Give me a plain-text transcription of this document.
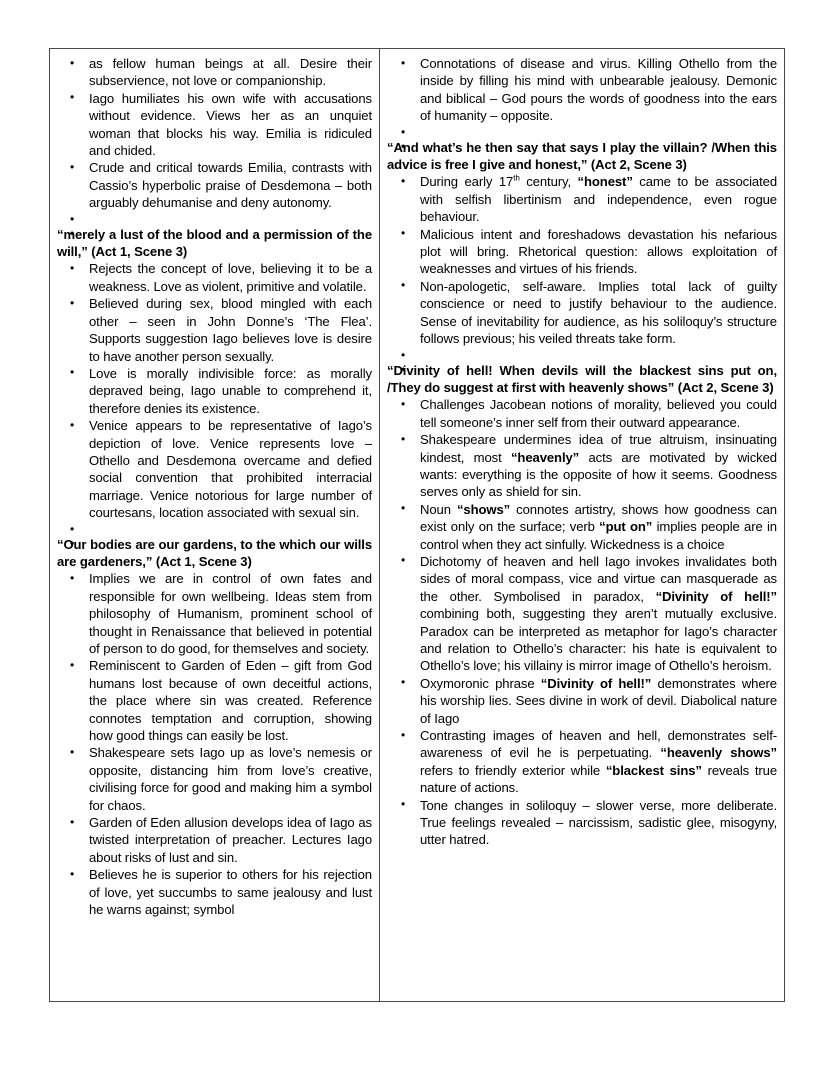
• as fellow human beings at all. Desire their subservience, not love or companionship.
• Iago humiliates his own wife with accusations without evidence. Views her as an unquiet woman that blocks his way. Emilia is ridiculed and chided.
• Crude and critical towards Emilia, contrasts with Cassio’s hyperbolic praise of Desdemona – both arguably dehumanise and deny autonomy.
•
• “merely a lust of the blood and a permission of the will,” (Act 1, Scene 3)
• Rejects the concept of love, believing it to be a weakness. Love as violent, primitive and volatile.
• Believed during sex, blood mingled with each other – seen in John Donne’s ‘The Flea’. Supports suggestion Iago believes love is desire to have another person sexually.
• Love is morally indivisible force: as morally depraved being, Iago unable to comprehend it, therefore denies its existence.
• Venice appears to be representative of Iago’s depiction of love. Venice represents love – Othello and Desdemona overcame and defied social convention that prohibited interracial marriage. Venice notorious for large number of courtesans, location associated with sexual sin.
•
• “Our bodies are our gardens, to the which our wills are gardeners,” (Act 1, Scene 3)
• Implies we are in control of own fates and responsible for own wellbeing. Ideas stem from philosophy of Humanism, prominent school of thought in Renaissance that believed in potential of person to do good, for themselves and society.
• Reminiscent to Garden of Eden – gift from God humans lost because of own deceitful actions, the place where sin was created. Reference connotes temptation and corruption, showing how good things can easily be lost.
• Shakespeare sets Iago up as love’s nemesis or opposite, distancing him from love’s creative, civilising force for good and making him a symbol for chaos.
• Garden of Eden allusion develops idea of Iago as twisted interpretation of preacher. Lectures Iago about risks of lust and sin.
• Believes he is superior to others for his rejection of love, yet succumbs to same jealousy and lust he warns against; symbol
• Connotations of disease and virus. Killing Othello from the inside by filling his mind with unbearable jealousy. Demonic and biblical – God pours the words of goodness into the ears of humanity – opposite.
•
• “And what’s he then say that says I play the villain? /When this advice is free I give and honest,” (Act 2, Scene 3)
• During early 17th century, “honest” came to be associated with selfish libertinism and independence, even rogue behaviour.
• Malicious intent and foreshadows devastation his nefarious plot will bring. Rhetorical question: allows exploitation of weaknesses and virtues of his friends.
• Non-apologetic, self-aware. Implies total lack of guilty conscience or need to justify behaviour to the audience. Sense of inevitability for audience, as his soliloquy’s structure follows previous; his veiled threats take form.
•
• “Divinity of hell! When devils will the blackest sins put on, /They do suggest at first with heavenly shows” (Act 2, Scene 3)
• Challenges Jacobean notions of morality, believed you could tell someone’s inner self from their outward appearance.
• Shakespeare undermines idea of true altruism, insinuating kindest, most “heavenly” acts are motivated by wicked wants: everything is the opposite of how it seems. Goodness serves only as shield for sin.
• Noun “shows” connotes artistry, shows how goodness can exist only on the surface; verb “put on” implies people are in control when they act sinfully. Wickedness is a choice
• Dichotomy of heaven and hell Iago invokes invalidates both sides of moral compass, vice and virtue can masquerade as the other. Symbolised in paradox, “Divinity of hell!” combining both, suggesting they aren’t mutually exclusive. Paradox can be interpreted as metaphor for Iago’s character and relation to Othello’s character: his hate is equivalent to Othello’s love; his villainy is mirror image of Othello’s heroism.
• Oxymoronic phrase “Divinity of hell!” demonstrates where his worship lies. Sees divine in work of devil. Diabolical nature of Iago
• Contrasting images of heaven and hell, demonstrates self-awareness of evil he is perpetuating. “heavenly shows” refers to friendly exterior while “blackest sins” reveals true nature of actions.
• Tone changes in soliloquy – slower verse, more deliberate. True feelings revealed – narcissism, sadistic glee, misogyny, utter hatred.
